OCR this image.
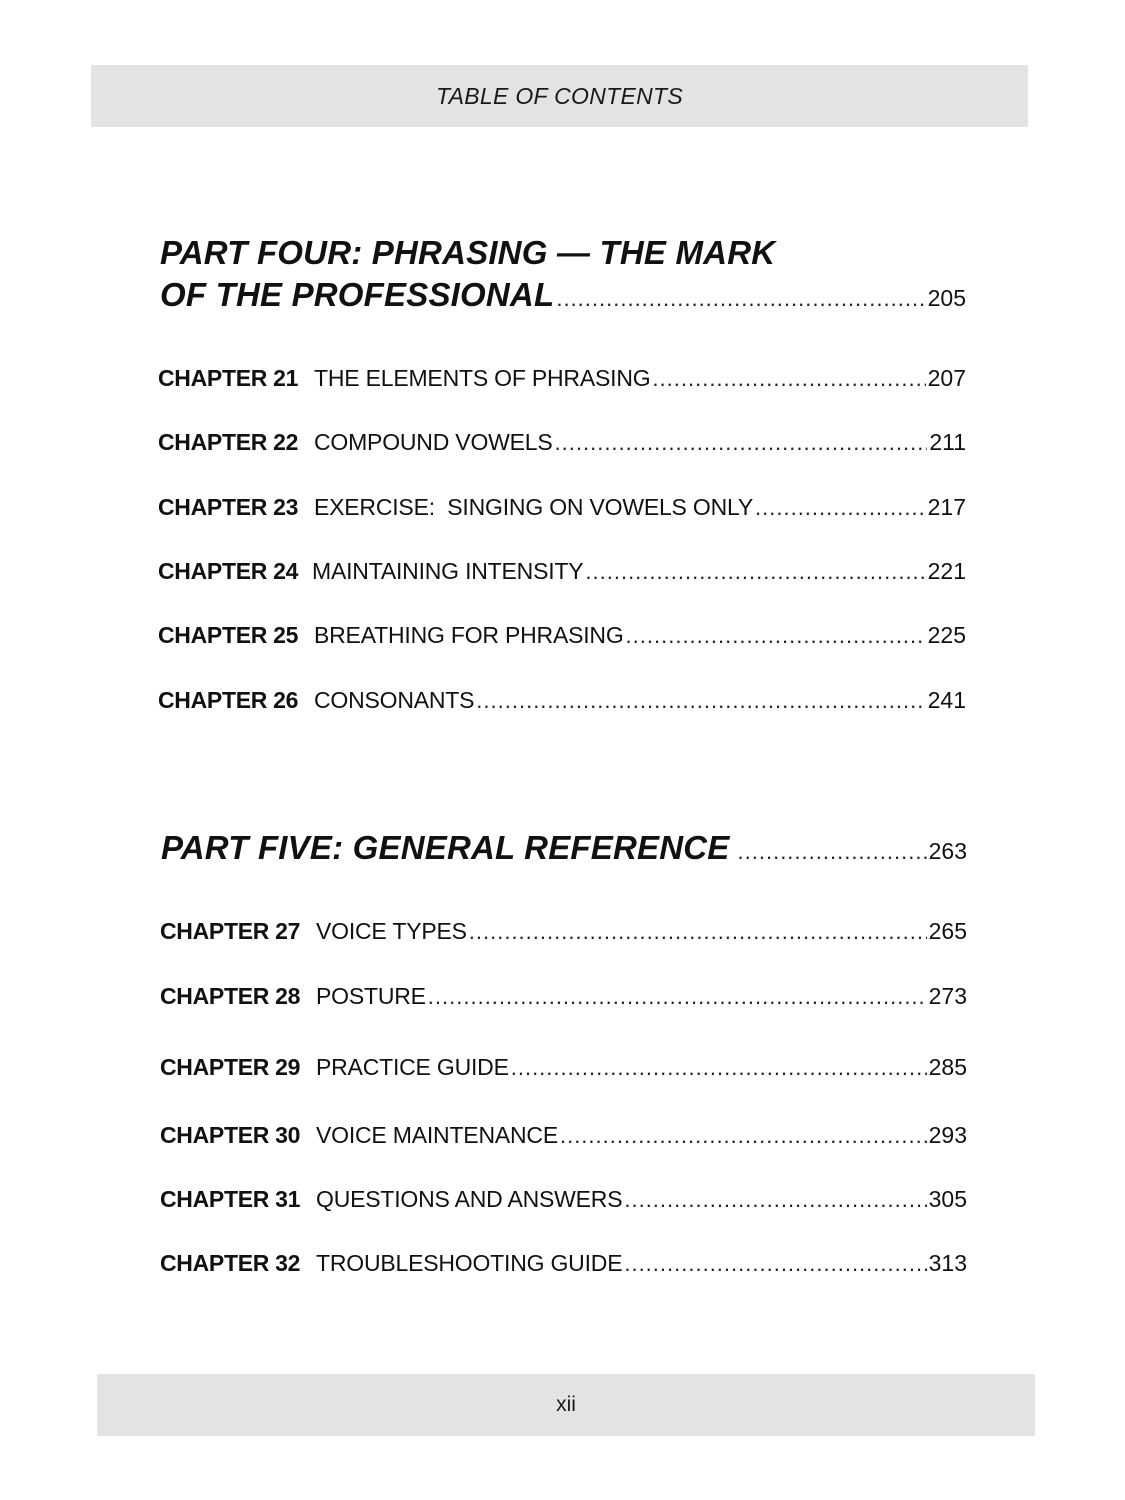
TABLE OF CONTENTS
PART FOUR: PHRASING — THE MARK
OF THE PROFESSIONAL .....	205
CHAPTER 21 THE ELEMENTS OF PHRASING .....	207
CHAPTER 22 COMPOUND VOWELS .....	211
CHAPTER 23 EXERCISE:  SINGING ON VOWELS ONLY .....	217
CHAPTER 24 MAINTAINING INTENSITY .....	221
CHAPTER 25 BREATHING FOR PHRASING .....	225
CHAPTER 26 CONSONANTS .....	241
PART FIVE: GENERAL REFERENCE .....	263
CHAPTER 27 VOICE TYPES .....	265
CHAPTER 28 POSTURE .....	273
CHAPTER 29 PRACTICE GUIDE .....	285
CHAPTER 30 VOICE MAINTENANCE .....	293
CHAPTER 31 QUESTIONS AND ANSWERS .....	305
CHAPTER 32 TROUBLESHOOTING GUIDE .....	313
xii
